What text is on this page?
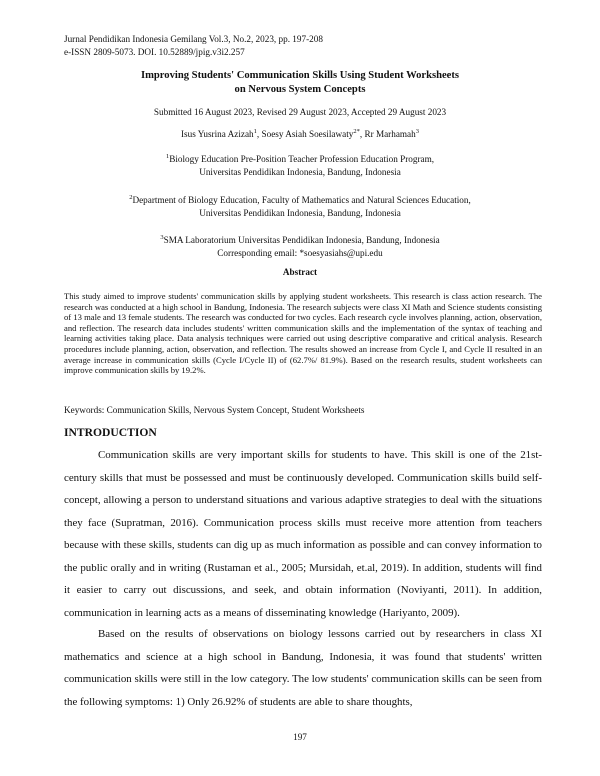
Jurnal Pendidikan Indonesia Gemilang Vol.3, No.2, 2023, pp. 197-208
e-ISSN 2809-5073. DOI. 10.52889/jpig.v3i2.257
Improving Students' Communication Skills Using Student Worksheets
on Nervous System Concepts
Submitted 16 August 2023, Revised 29 August 2023, Accepted 29 August 2023
Isus Yusrina Azizah$^1$, Soesy Asiah Soesilawaty$^{2*}$, Rr Marhamah$^3$
$^1$Biology Education Pre-Position Teacher Profession Education Program,
Universitas Pendidikan Indonesia, Bandung, Indonesia
$^2$Department of Biology Education, Faculty of Mathematics and Natural Sciences Education,
Universitas Pendidikan Indonesia, Bandung, Indonesia
$^3$SMA Laboratorium Universitas Pendidikan Indonesia, Bandung, Indonesia
Corresponding email: *soesyasiahs@upi.edu
Abstract
This study aimed to improve students' communication skills by applying student worksheets. This research is class action research. The research was conducted at a high school in Bandung, Indonesia. The research subjects were class XI Math and Science students consisting of 13 male and 13 female students. The research was conducted for two cycles. Each research cycle involves planning, action, observation, and reflection. The research data includes students' written communication skills and the implementation of the syntax of teaching and learning activities taking place. Data analysis techniques were carried out using descriptive comparative and critical analysis. Research procedures include planning, action, observation, and reflection. The results showed an increase from Cycle I, and Cycle II resulted in an average increase in communication skills (Cycle I/Cycle II) of (62.7%/ 81.9%). Based on the research results, student worksheets can improve communication skills by 19.2%.
Keywords: Communication Skills, Nervous System Concept, Student Worksheets
INTRODUCTION
Communication skills are very important skills for students to have. This skill is one of the 21st-century skills that must be possessed and must be continuously developed. Communication skills build self-concept, allowing a person to understand situations and various adaptive strategies to deal with the situations they face (Supratman, 2016). Communication process skills must receive more attention from teachers because with these skills, students can dig up as much information as possible and can convey information to the public orally and in writing (Rustaman et al., 2005; Mursidah, et.al, 2019). In addition, students will find it easier to carry out discussions, and seek, and obtain information (Noviyanti, 2011). In addition, communication in learning acts as a means of disseminating knowledge (Hariyanto, 2009).
Based on the results of observations on biology lessons carried out by researchers in class XI mathematics and science at a high school in Bandung, Indonesia, it was found that students' written communication skills were still in the low category. The low students' communication skills can be seen from the following symptoms: 1) Only 26.92% of students are able to share thoughts,
197
